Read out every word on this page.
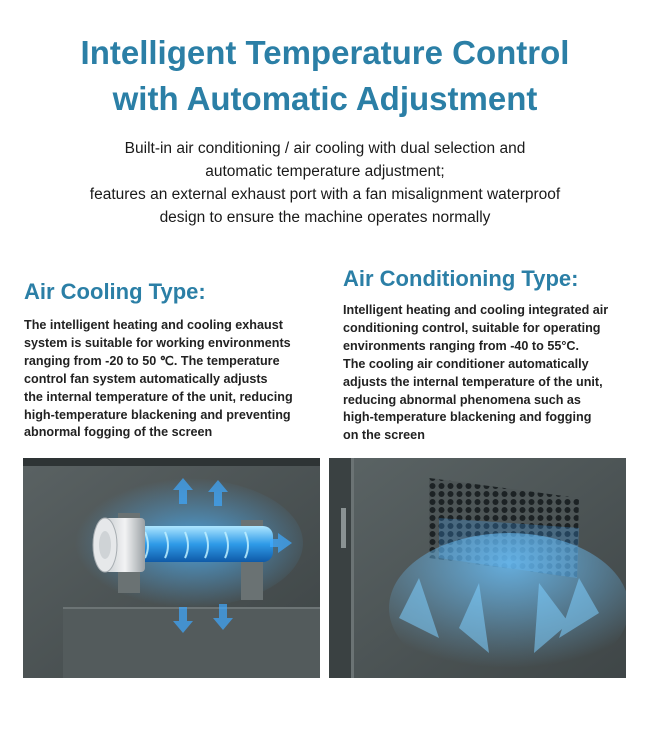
Intelligent Temperature Control
with Automatic Adjustment
Built-in air conditioning / air cooling with dual selection and
automatic temperature adjustment;
features an external exhaust port with a fan misalignment waterproof
design to ensure the machine operates normally
Air Cooling Type:
The intelligent heating and cooling exhaust
system is suitable for working environments
ranging from -20 to 50 ℃. The temperature
control fan system automatically adjusts
the internal temperature of the unit, reducing
high-temperature blackening and preventing
abnormal fogging of the screen
Air Conditioning Type:
Intelligent heating and cooling integrated air
conditioning control, suitable for operating
environments ranging from -40 to 55°C.
The cooling air conditioner automatically
adjusts the internal temperature of the unit,
reducing abnormal phenomena such as
high-temperature blackening and fogging
on the screen
